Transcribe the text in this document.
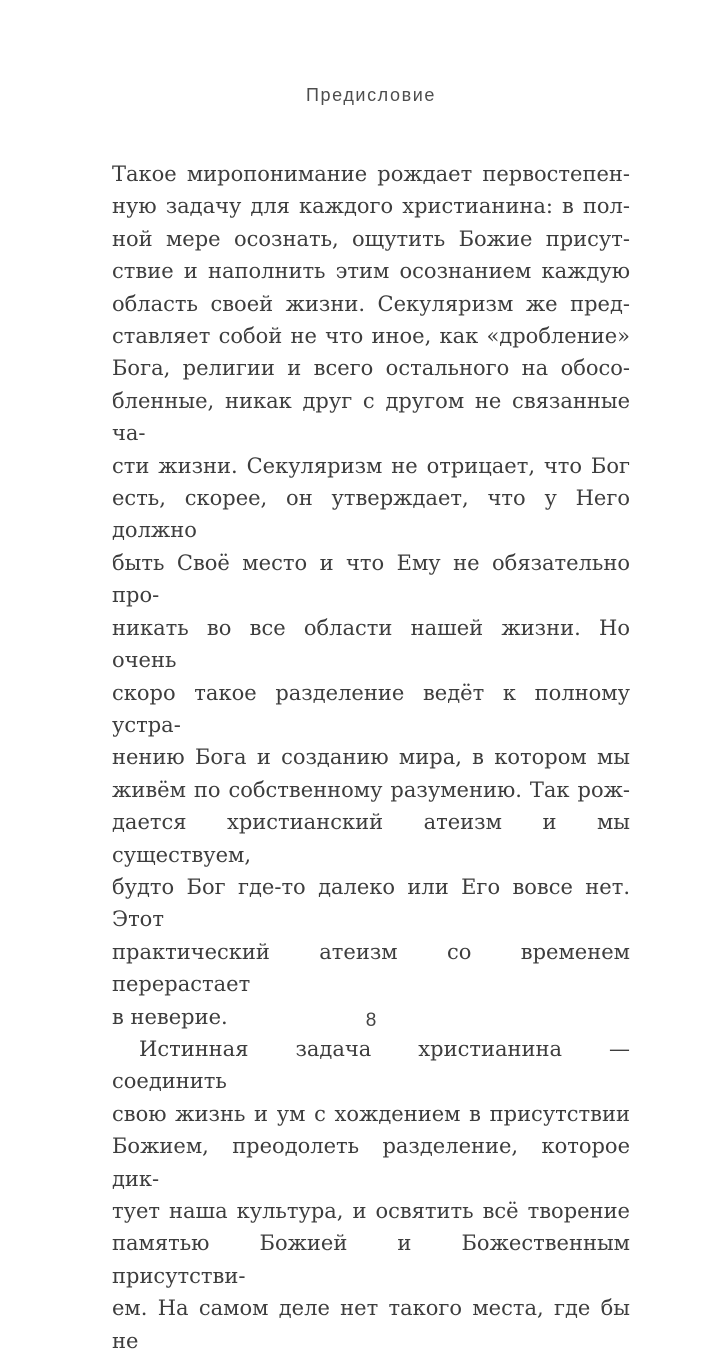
Предисловие
Такое миропонимание рождает первостепен-
ную задачу для каждого христианина: в пол-
ной мере осознать, ощутить Божие присут-
ствие и наполнить этим осознанием каждую
область своей жизни. Секуляризм же пред-
ставляет собой не что иное, как «дробление»
Бога, религии и всего остального на обосо-
бленные, никак друг с другом не связанные ча-
сти жизни. Секуляризм не отрицает, что Бог
есть, скорее, он утверждает, что у Него должно
быть Своё место и что Ему не обязательно про-
никать во все области нашей жизни. Но очень
скоро такое разделение ведёт к полному устра-
нению Бога и созданию мира, в котором мы
живём по собственному разумению. Так рож-
дается христианский атеизм и мы существуем,
будто Бог где-то далеко или Его вовсе нет. Этот
практический атеизм со временем перерастает
в неверие.
Истинная задача христианина — соединить
свою жизнь и ум с хождением в присутствии
Божием, преодолеть разделение, которое дик-
тует наша культура, и освятить всё творение
памятью Божией и Божественным присутстви-
ем. На самом деле нет такого места, где бы не
8
